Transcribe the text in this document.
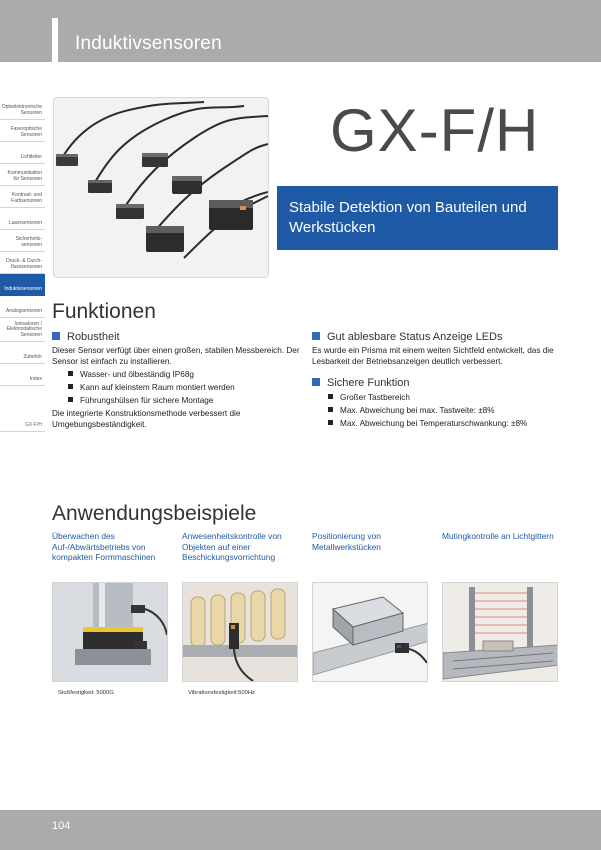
Induktivsensoren
Optoelektronische Sensoren
Faseroptische Sensoren
Lichtleiter
Kommunikation für Sensoren
Kontrast- und Farbsensoren
Lasersensoren
Sicherheits-sensoren
Druck- & Durch-flusssensoren
Induktivsensoren
Analogsensoren
Ionisatoren / Elektrostatische Sensoren
Zubehör
Index
GX-F/H
GX-F/H
Stabile Detektion von Bauteilen und Werkstücken
Funktionen
Robustheit
Dieser Sensor verfügt über einen großen, stabilen Messbereich. Der Sensor ist einfach zu installieren.
Wasser- und ölbeständig IP68g
Kann auf kleinstem Raum montiert werden
Führungshülsen für sichere Montage
Die integrierte Konstruktionsmethode verbessert die Umgebungsbeständigkeit.
Gut ablesbare Status Anzeige LEDs
Es wurde ein Prisma mit einem weiten Sichtfeld entwickelt, das die Lesbarkeit der Betriebsanzeigen deutlich verbessert.
Sichere Funktion
Großer Tastbereich
Max. Abweichung bei max. Tastweite: ±8%
Max. Abweichung bei Temperaturschwankung: ±8%
Anwendungsbeispiele
Überwachen des Auf-/Abwärtsbetriebs von kompakten Formmaschinen
Anwesenheitskontrolle von Objekten auf einer Beschickungsvorrichtung
Positionierung von Metallwerkstücken
Mutingkontrolle an Lichtgittern
Stoßfestigkeit: 5000G	Vibrationsfestigkeit:500Hz
104
